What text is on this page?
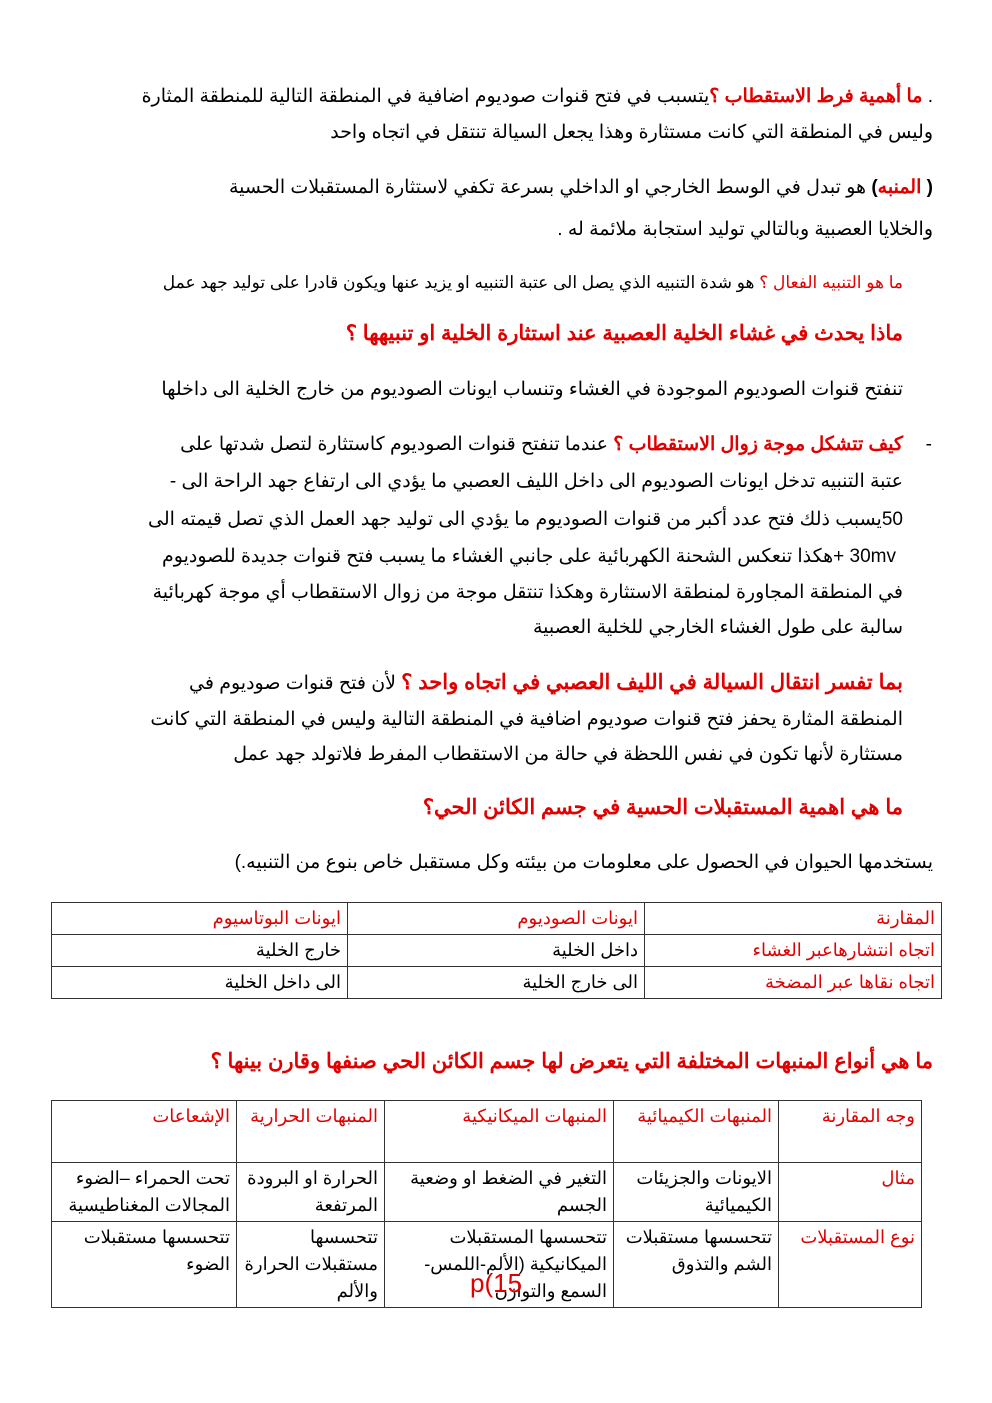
. ما أهمية فرط الاستقطاب ؟يتسبب في فتح قنوات صوديوم اضافية في المنطقة التالية للمنطقة المثارة
وليس في المنطقة التي كانت مستثارة وهذا يجعل السيالة تنتقل في اتجاه واحد
( المنبه) هو تبدل في الوسط الخارجي او الداخلي بسرعة تكفي لاستثارة المستقبلات الحسية
والخلايا العصبية وبالتالي توليد استجابة ملائمة له .
ما هو التنبيه الفعال ؟ هو شدة التنبيه الذي يصل الى عتبة التنبيه او يزيد عنها ويكون قادرا على توليد جهد عمل
ماذا يحدث في غشاء الخلية العصبية عند استثارة الخلية او تنبيهها ؟
تنفتح قنوات الصوديوم الموجودة في الغشاء وتنساب ايونات الصوديوم من خارج الخلية الى داخلها
-
كيف تتشكل موجة زوال الاستقطاب ؟ عندما تنفتح قنوات الصوديوم كاستثارة لتصل شدتها على
عتبة التنبيه تدخل ايونات الصوديوم الى داخل الليف العصبي ما يؤدي الى ارتفاع جهد الراحة الى -
50يسبب ذلك فتح عدد أكبر من قنوات الصوديوم ما يؤدي الى توليد جهد العمل الذي تصل قيمته الى
30mv +هكذا تنعكس الشحنة الكهربائية على جانبي الغشاء ما يسبب فتح قنوات جديدة للصوديوم
في المنطقة المجاورة لمنطقة الاستثارة وهكذا تنتقل موجة من زوال الاستقطاب أي موجة كهربائية
سالبة على طول الغشاء الخارجي للخلية العصبية
بما تفسر انتقال السيالة في الليف العصبي في اتجاه واحد ؟ لأن فتح قنوات صوديوم في
المنطقة المثارة يحفز فتح قنوات صوديوم اضافية في المنطقة التالية وليس في المنطقة التي كانت
مستثارة لأنها تكون في نفس اللحظة في حالة من الاستقطاب المفرط فلاتولد جهد عمل
ما هي اهمية المستقبلات الحسية في جسم الكائن الحي؟
يستخدمها الحيوان في الحصول على معلومات من بيئته وكل مستقبل خاص بنوع من التنبيه.)
المقارنة	ايونات الصوديوم	ايونات البوتاسيوم
اتجاه انتشارهاعبر الغشاء	داخل الخلية	خارج الخلية
اتجاه نقاها عبر المضخة	الى خارج الخلية	الى داخل الخلية
ما هي أنواع المنبهات المختلفة التي يتعرض لها جسم الكائن الحي صنفها وقارن بينها ؟
وجه المقارنة	المنبهات الكيميائية	المنبهات الميكانيكية	المنبهات الحرارية	الإشعاعات
مثال	الايونات والجزيئات الكيميائية	التغير في الضغط او وضعية الجسم	الحرارة او البرودة المرتفعة	تحت الحمراء –الضوء المجالات المغناطيسية
نوع المستقبلات	تتحسسها مستقبلات الشم والتذوق	تتحسسها المستقبلات الميكانيكية (الألم-اللمس-السمع والتوازن	تتحسسها مستقبلات الحرارة والألم	تتحسسها مستقبلات الضوء
p(15
